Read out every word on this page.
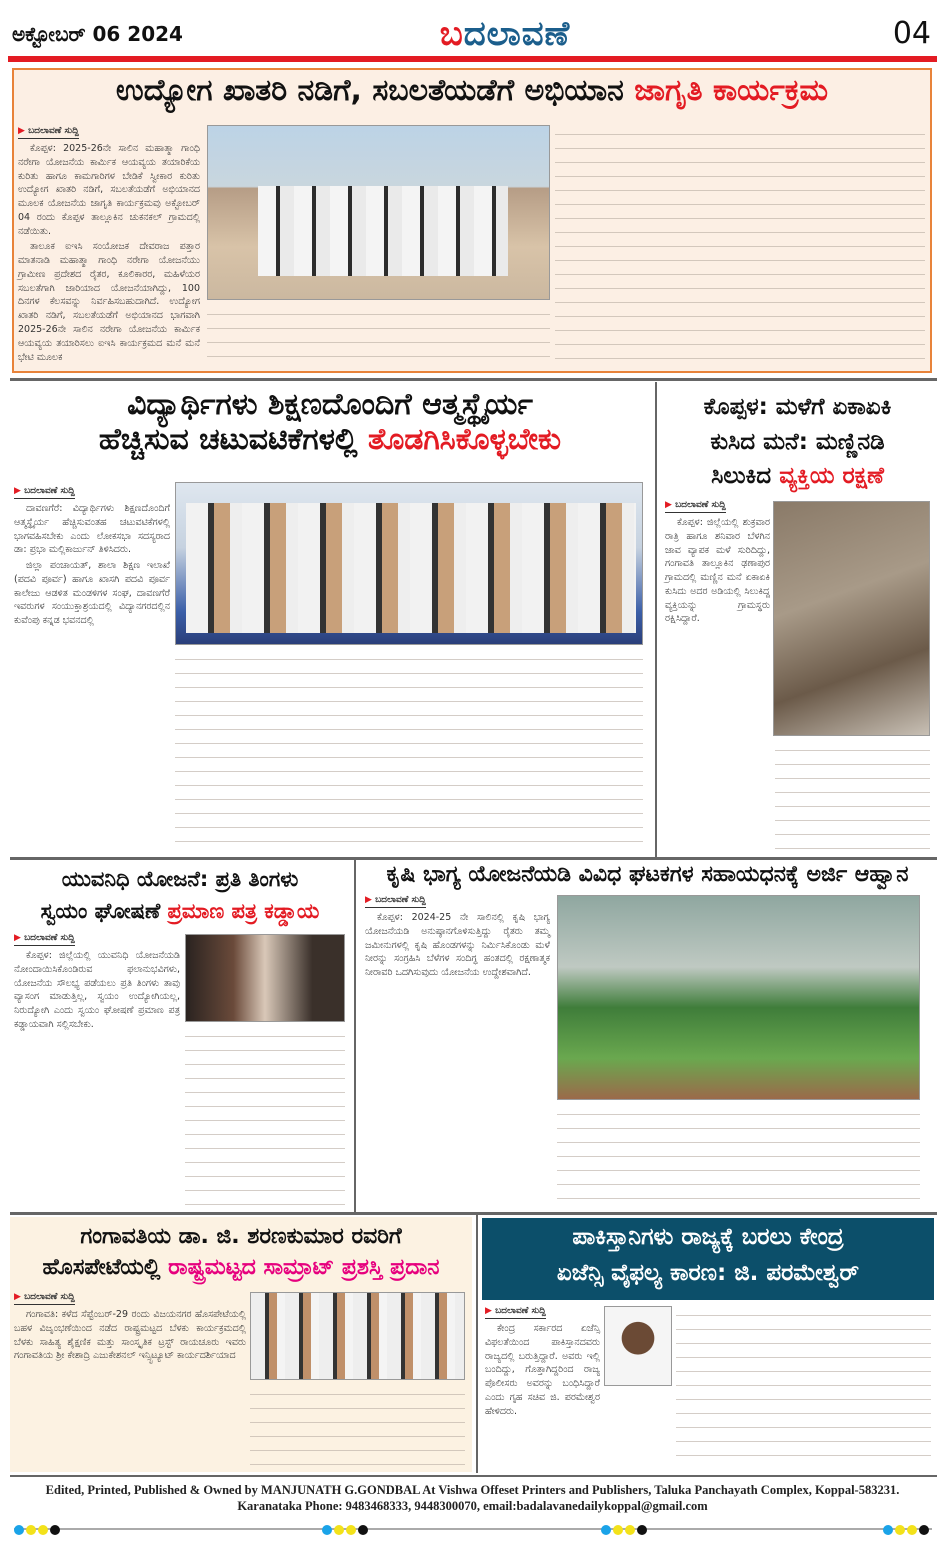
ಅಕ್ಟೋಬರ್ 06 2024	ಬದಲಾವಣೆ	04
ಉದ್ಯೋಗ ಖಾತರಿ ನಡಿಗೆ, ಸಬಲತೆಯಡೆಗೆ ಅಭಿಯಾನ ಜಾಗೃತಿ ಕಾರ್ಯಕ್ರಮ
▶ ಬದಲಾವಣೆ ಸುದ್ದಿ

ಕೊಪ್ಪಳ: 2025-26ನೇ ಸಾಲಿನ ಮಹಾತ್ಮಾ ಗಾಂಧಿ ನರೇಗಾ ಯೋಜನೆಯ ಕಾರ್ಮಿಕ ಆಯವ್ಯಯ ತಯಾರಿಕೆಯ ಕುರಿತು ಹಾಗೂ ಕಾಮಗಾರಿಗಳ ಬೇಡಿಕೆ ಸ್ವೀಕಾರ ಕುರಿತು ಉದ್ಯೋಗ ಖಾತರಿ ನಡಿಗೆ, ಸಬಲತೆಯಡೆಗೆ ಅಭಿಯಾನದ ಮೂಲಕ ಯೋಜನೆಯ ಜಾಗೃತಿ ಕಾರ್ಯಕ್ರಮವು ಅಕ್ಟೋಬರ್ 04 ರಂದು ಕೊಪ್ಪಳ ತಾಲ್ಲೂಕಿನ ಚುಕನಕಲ್ ಗ್ರಾಮದಲ್ಲಿ ನಡೆಯಿತು.

ತಾಲೂಕ ಐಇಸಿ ಸಂಯೋಜಕ ದೇವರಾಜ ಪತ್ತಾರ ಮಾತನಾಡಿ ಮಹಾತ್ಮಾ ಗಾಂಧಿ ನರೇಗಾ ಯೋಜನೆಯು ಗ್ರಾಮೀಣ ಪ್ರದೇಶದ ರೈತರ, ಕೂಲಿಕಾರರ, ಮಹಿಳೆಯರ ಸಬಲತೆಗಾಗಿ ಜಾರಿಯಾದ ಯೋಜನೆಯಾಗಿದ್ದು, 100 ದಿನಗಳ ಕೆಲಸವನ್ನು ನಿರ್ವಹಿಸಬಹುದಾಗಿದೆ. ಉದ್ಯೋಗ ಖಾತರಿ ನಡಿಗೆ, ಸಬಲತೆಯಡೆಗೆ ಅಭಿಯಾನದ ಭಾಗವಾಗಿ 2025-26ನೇ ಸಾಲಿನ ನರೇಗಾ ಯೋಜನೆಯ ಕಾರ್ಮಿಕ ಆಯವ್ಯಯ ತಯಾರಿಸಲು ಐಇಸಿ ಕಾರ್ಯಕ್ರಮದ ಮನೆ ಮನೆ ಭೇಟಿ ಮೂಲಕ

ವಿದ್ಯಾರ್ಥಿಗಳು ಶಿಕ್ಷಣದೊಂದಿಗೆ ಆತ್ಮಸ್ಥೈರ್ಯ
ಹೆಚ್ಚಿಸುವ ಚಟುವಟಿಕೆಗಳಲ್ಲಿ ತೊಡಗಿಸಿಕೊಳ್ಳಬೇಕು
▶ ಬದಲಾವಣೆ ಸುದ್ದಿ

ದಾವಣಗೆರೆ: ವಿದ್ಯಾರ್ಥಿಗಳು ಶಿಕ್ಷಣದೊಂದಿಗೆ ಆತ್ಮಸ್ಥೈರ್ಯ ಹೆಚ್ಚಿಸುವಂತಹ ಚಟುವಟಿಕೆಗಳಲ್ಲಿ ಭಾಗವಹಿಸಬೇಕು ಎಂದು ಲೋಕಸಭಾ ಸದಸ್ಯರಾದ ಡಾ: ಪ್ರಭಾ ಮಲ್ಲಿಕಾರ್ಜುನ್ ತಿಳಿಸಿದರು.

ಜಿಲ್ಲಾ ಪಂಚಾಯತ್, ಶಾಲಾ ಶಿಕ್ಷಣ ಇಲಾಖೆ (ಪದವಿ ಪೂರ್ವ) ಹಾಗೂ ಖಾಸಗಿ ಪದವಿ ಪೂರ್ವ ಕಾಲೇಜು ಆಡಳಿತ ಮಂಡಳಿಗಳ ಸಂಘ, ದಾವಣಗೆರೆ ಇವರುಗಳ ಸಂಯುಕ್ತಾಶ್ರಯದಲ್ಲಿ ವಿದ್ಯಾನಗರದಲ್ಲಿನ ಕುವೆಂಪು ಕನ್ನಡ ಭವನದಲ್ಲಿ

ಕೊಪ್ಪಳ: ಮಳೆಗೆ ಏಕಾಏಕಿ
ಕುಸಿದ ಮನೆ: ಮಣ್ಣಿನಡಿ
ಸಿಲುಕಿದ ವ್ಯಕ್ತಿಯ ರಕ್ಷಣೆ
▶ ಬದಲಾವಣೆ ಸುದ್ದಿ

ಕೊಪ್ಪಳ: ಜಿಲ್ಲೆಯಲ್ಲಿ ಶುಕ್ರವಾರ ರಾತ್ರಿ ಹಾಗೂ ಶನಿವಾರ ಬೆಳಗಿನ ಜಾವ ವ್ಯಾಪಕ ಮಳೆ ಸುರಿದಿದ್ದು, ಗಂಗಾವತಿ ತಾಲ್ಲೂಕಿನ ಢಣಾಪುರ ಗ್ರಾಮದಲ್ಲಿ ಮಣ್ಣಿನ ಮನೆ ಏಕಾಏಕಿ ಕುಸಿದು ಅದರ ಅಡಿಯಲ್ಲಿ ಸಿಲುಕಿದ್ದ ವ್ಯಕ್ತಿಯನ್ನು ಗ್ರಾಮಸ್ಥರು ರಕ್ಷಿಸಿದ್ದಾರೆ.

ಯುವನಿಧಿ ಯೋಜನೆ: ಪ್ರತಿ ತಿಂಗಳು
ಸ್ವಯಂ ಘೋಷಣೆ ಪ್ರಮಾಣ ಪತ್ರ ಕಡ್ಡಾಯ
▶ ಬದಲಾವಣೆ ಸುದ್ದಿ

ಕೊಪ್ಪಳ: ಜಿಲ್ಲೆಯಲ್ಲಿ ಯುವನಿಧಿ ಯೋಜನೆಯಡಿ ನೋಂದಾಯಿಸಿಕೊಂಡಿರುವ ಫಲಾನುಭವಿಗಳು, ಯೋಜನೆಯ ಸೌಲಭ್ಯ ಪಡೆಯಲು ಪ್ರತಿ ತಿಂಗಳು ತಾವು ವ್ಯಾಸಂಗ ಮಾಡುತ್ತಿಲ್ಲ, ಸ್ವಯಂ ಉದ್ಯೋಗಿಯಲ್ಲ, ನಿರುದ್ಯೋಗಿ ಎಂದು ಸ್ವಯಂ ಘೋಷಣೆ ಪ್ರಮಾಣ ಪತ್ರ ಕಡ್ಡಾಯವಾಗಿ ಸಲ್ಲಿಸಬೇಕು.

ಕೃಷಿ ಭಾಗ್ಯ ಯೋಜನೆಯಡಿ ವಿವಿಧ ಘಟಕಗಳ ಸಹಾಯಧನಕ್ಕೆ ಅರ್ಜಿ ಆಹ್ವಾನ
▶ ಬದಲಾವಣೆ ಸುದ್ದಿ

ಕೊಪ್ಪಳ: 2024-25 ನೇ ಸಾಲಿನಲ್ಲಿ ಕೃಷಿ ಭಾಗ್ಯ ಯೋಜನೆಯಡಿ ಅನುಷ್ಠಾನಗೊಳಿಸುತ್ತಿದ್ದು ರೈತರು ತಮ್ಮ ಜಮೀನುಗಳಲ್ಲಿ ಕೃಷಿ ಹೊಂಡಗಳನ್ನು ನಿರ್ಮಿಸಿಕೊಂಡು ಮಳೆ ನೀರನ್ನು ಸಂಗ್ರಹಿಸಿ ಬೆಳೆಗಳ ಸಂದಿಗ್ಧ ಹಂತದಲ್ಲಿ ರಕ್ಷಣಾತ್ಮಕ ನೀರಾವರಿ ಒದಗಿಸುವುದು ಯೋಜನೆಯ ಉದ್ದೇಶವಾಗಿದೆ.

ಗಂಗಾವತಿಯ ಡಾ. ಜಿ. ಶರಣಕುಮಾರ ರವರಿಗೆ
ಹೊಸಪೇಟೆಯಲ್ಲಿ ರಾಷ್ಟ್ರಮಟ್ಟದ ಸಾಮ್ರಾಟ್ ಪ್ರಶಸ್ತಿ ಪ್ರದಾನ
▶ ಬದಲಾವಣೆ ಸುದ್ದಿ

ಗಂಗಾವತಿ: ಕಳೆದ ಸೆಪ್ಟೆಂಬರ್-29 ರಂದು ವಿಜಯನಗರ ಹೊಸಪೇಟೆಯಲ್ಲಿ ಬಹಳ ವಿಜೃಂಭಣೆಯಿಂದ ನಡೆದ ರಾಷ್ಟ್ರಮಟ್ಟದ ಬೆಳಕು ಕಾರ್ಯಕ್ರಮದಲ್ಲಿ ಬೆಳಕು ಸಾಹಿತ್ಯ ಶೈಕ್ಷಣಿಕ ಮತ್ತು ಸಾಂಸ್ಕೃತಿಕ ಟ್ರಸ್ಟ್ ರಾಯಚೂರು ಇವರು ಗಂಗಾವತಿಯ ಶ್ರೀ ಕೇಶಾದ್ರಿ ಎಜುಕೇಶನಲ್ ಇನ್ಸ್ಟಿಟ್ಯೂಟ್ ಕಾರ್ಯದರ್ಶಿಯಾದ

ಪಾಕಿಸ್ತಾನಿಗಳು ರಾಜ್ಯಕ್ಕೆ ಬರಲು ಕೇಂದ್ರ
ಏಜೆನ್ಸಿ ವೈಫಲ್ಯ ಕಾರಣ: ಜಿ. ಪರಮೇಶ್ವರ್
▶ ಬದಲಾವಣೆ ಸುದ್ದಿ

ಕೇಂದ್ರ ಸರ್ಕಾರದ ಏಜೆನ್ಸಿ ವಿಫಲತೆಯಿಂದ ಪಾಕಿಸ್ತಾನದವರು ರಾಜ್ಯದಲ್ಲಿ ಬರುತ್ತಿದ್ದಾರೆ. ಅವರು ಇಲ್ಲಿ ಬಂದಿದ್ದು, ಗೊತ್ತಾಗಿದ್ದರಿಂದ ರಾಜ್ಯ ಪೊಲೀಸರು ಅವರನ್ನು ಬಂಧಿಸಿದ್ದಾರೆ ಎಂದು ಗೃಹ ಸಚಿವ ಜಿ. ಪರಮೇಶ್ವರ ಹೇಳಿದರು.

Edited, Printed, Published & Owned by MANJUNATH G.GONDBAL At Vishwa Offeset Printers and Publishers, Taluka Panchayath Complex, Koppal-583231.
Karanataka Phone: 9483468333, 9448300070, email:badalavanedailykoppal@gmail.com
